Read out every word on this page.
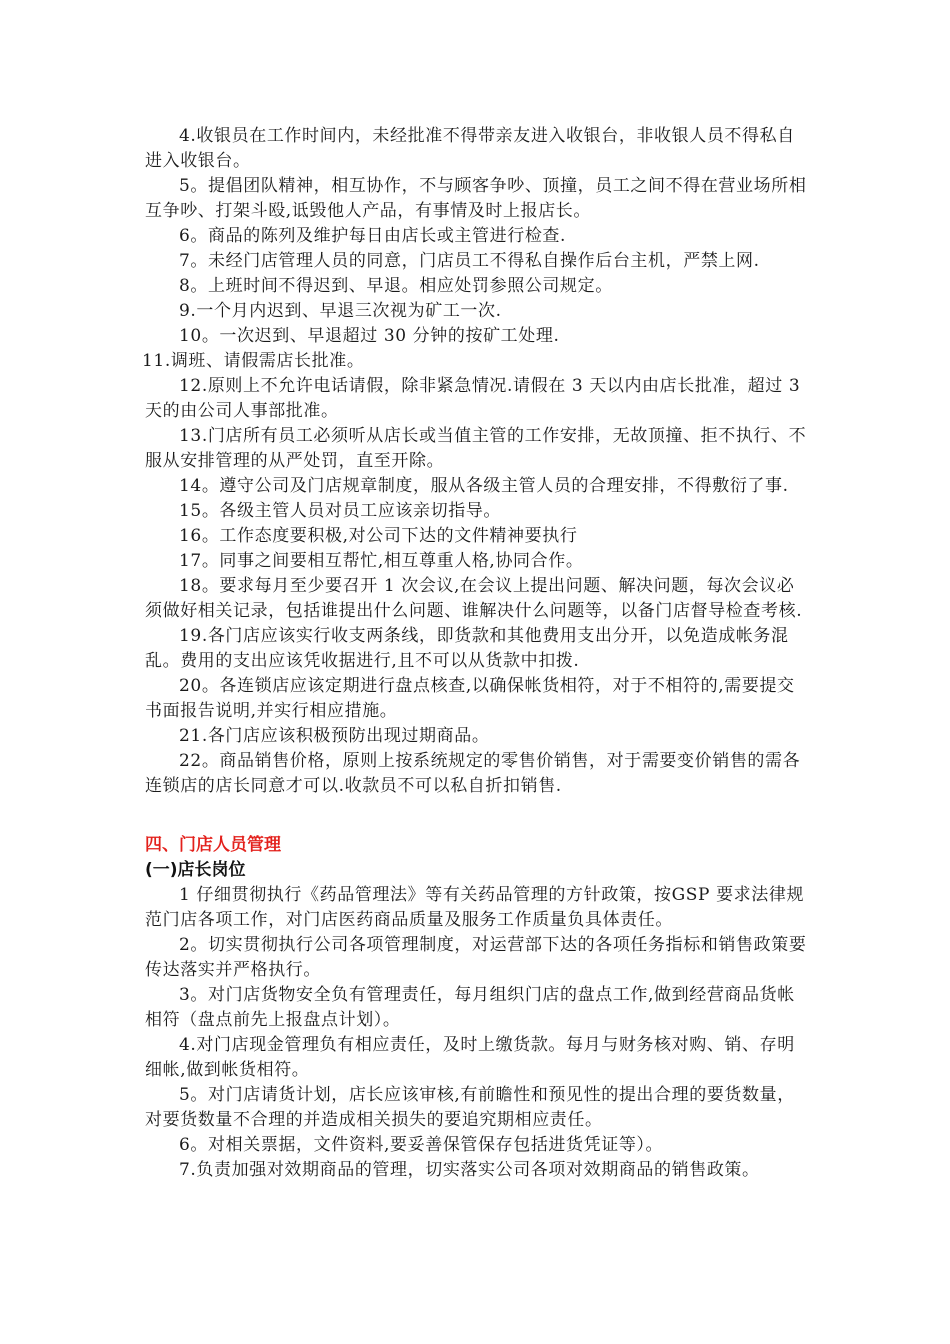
4.收银员在工作时间内，未经批准不得带亲友进入收银台，非收银人员不得私自进入收银台。

5。提倡团队精神，相互协作，不与顾客争吵、顶撞，员工之间不得在营业场所相互争吵、打架斗殴,诋毁他人产品，有事情及时上报店长。

6。商品的陈列及维护每日由店长或主管进行检查.

7。未经门店管理人员的同意，门店员工不得私自操作后台主机，严禁上网.

8。上班时间不得迟到、早退。相应处罚参照公司规定。

9.一个月内迟到、早退三次视为矿工一次.

10。一次迟到、早退超过 30 分钟的按矿工处理.

11.调班、请假需店长批准。

12.原则上不允许电话请假，除非紧急情况.请假在 3 天以内由店长批准，超过 3 天的由公司人事部批准。

13.门店所有员工必须听从店长或当值主管的工作安排，无故顶撞、拒不执行、不服从安排管理的从严处罚，直至开除。

14。遵守公司及门店规章制度，服从各级主管人员的合理安排，不得敷衍了事.

15。各级主管人员对员工应该亲切指导。

16。工作态度要积极,对公司下达的文件精神要执行

17。同事之间要相互帮忙,相互尊重人格,协同合作。

18。要求每月至少要召开 1 次会议,在会议上提出问题、解决问题，每次会议必须做好相关记录，包括谁提出什么问题、谁解决什么问题等，以备门店督导检查考核.

19.各门店应该实行收支两条线，即货款和其他费用支出分开，以免造成帐务混乱。费用的支出应该凭收据进行,且不可以从货款中扣拨.

20。各连锁店应该定期进行盘点核查,以确保帐货相符，对于不相符的,需要提交书面报告说明,并实行相应措施。

21.各门店应该积极预防出现过期商品。

22。商品销售价格，原则上按系统规定的零售价销售，对于需要变价销售的需各连锁店的店长同意才可以.收款员不可以私自折扣销售.

四、门店人员管理

(一)店长岗位

1 仔细贯彻执行《药品管理法》等有关药品管理的方针政策，按GSP 要求法律规范门店各项工作，对门店医药商品质量及服务工作质量负具体责任。

2。切实贯彻执行公司各项管理制度，对运营部下达的各项任务指标和销售政策要传达落实并严格执行。

3。对门店货物安全负有管理责任，每月组织门店的盘点工作,做到经营商品货帐相符（盘点前先上报盘点计划）。

4.对门店现金管理负有相应责任，及时上缴货款。每月与财务核对购、销、存明细帐,做到帐货相符。

5。对门店请货计划，店长应该审核,有前瞻性和预见性的提出合理的要货数量，对要货数量不合理的并造成相关损失的要追究期相应责任。

6。对相关票据，文件资料,要妥善保管保存包括进货凭证等）。

7.负责加强对效期商品的管理，切实落实公司各项对效期商品的销售政策。
